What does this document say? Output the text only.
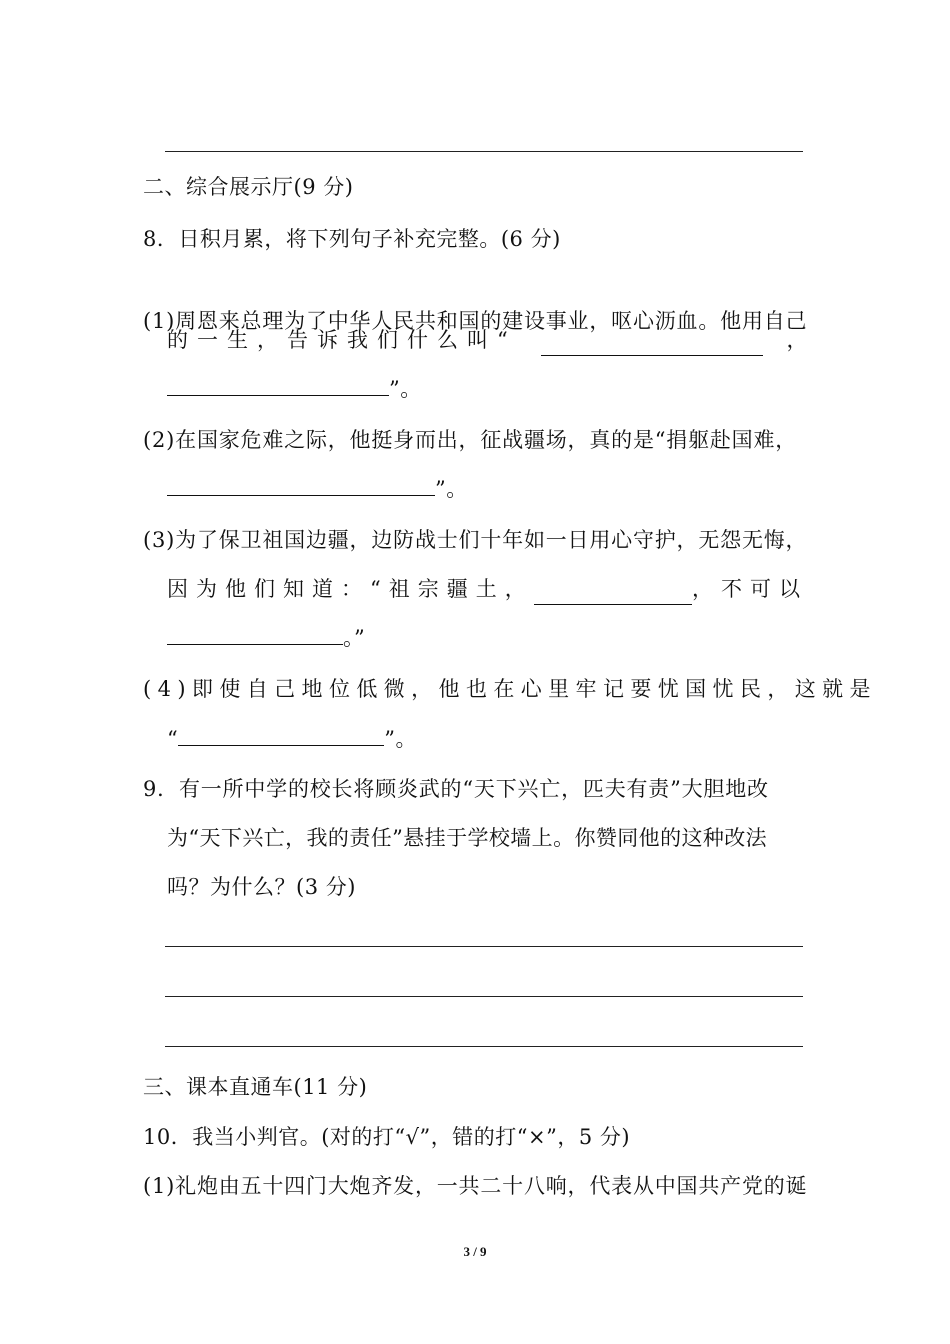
二、综合展示厅(9 分)
8．日积月累，将下列句子补充完整。(6 分)
(1)周恩来总理为了中华人民共和国的建设事业，呕心沥血。他用自己
的一生，告诉我们什么叫“	，
”。
(2)在国家危难之际，他挺身而出，征战疆场，真的是“捐躯赴国难，
”。
(3)为了保卫祖国边疆，边防战士们十年如一日用心守护，无怨无悔，
因为他们知道：“祖宗疆土，	，不可以
。”
(4)即使自己地位低微，他也在心里牢记要忧国忧民，这就是
“	”。
9．有一所中学的校长将顾炎武的“天下兴亡，匹夫有责”大胆地改
为“天下兴亡，我的责任”悬挂于学校墙上。你赞同他的这种改法
吗？为什么？(3 分)
三、课本直通车(11 分)
10．我当小判官。(对的打“√”，错的打“×”，5 分)
(1)礼炮由五十四门大炮齐发，一共二十八响，代表从中国共产党的诞
3 / 9
